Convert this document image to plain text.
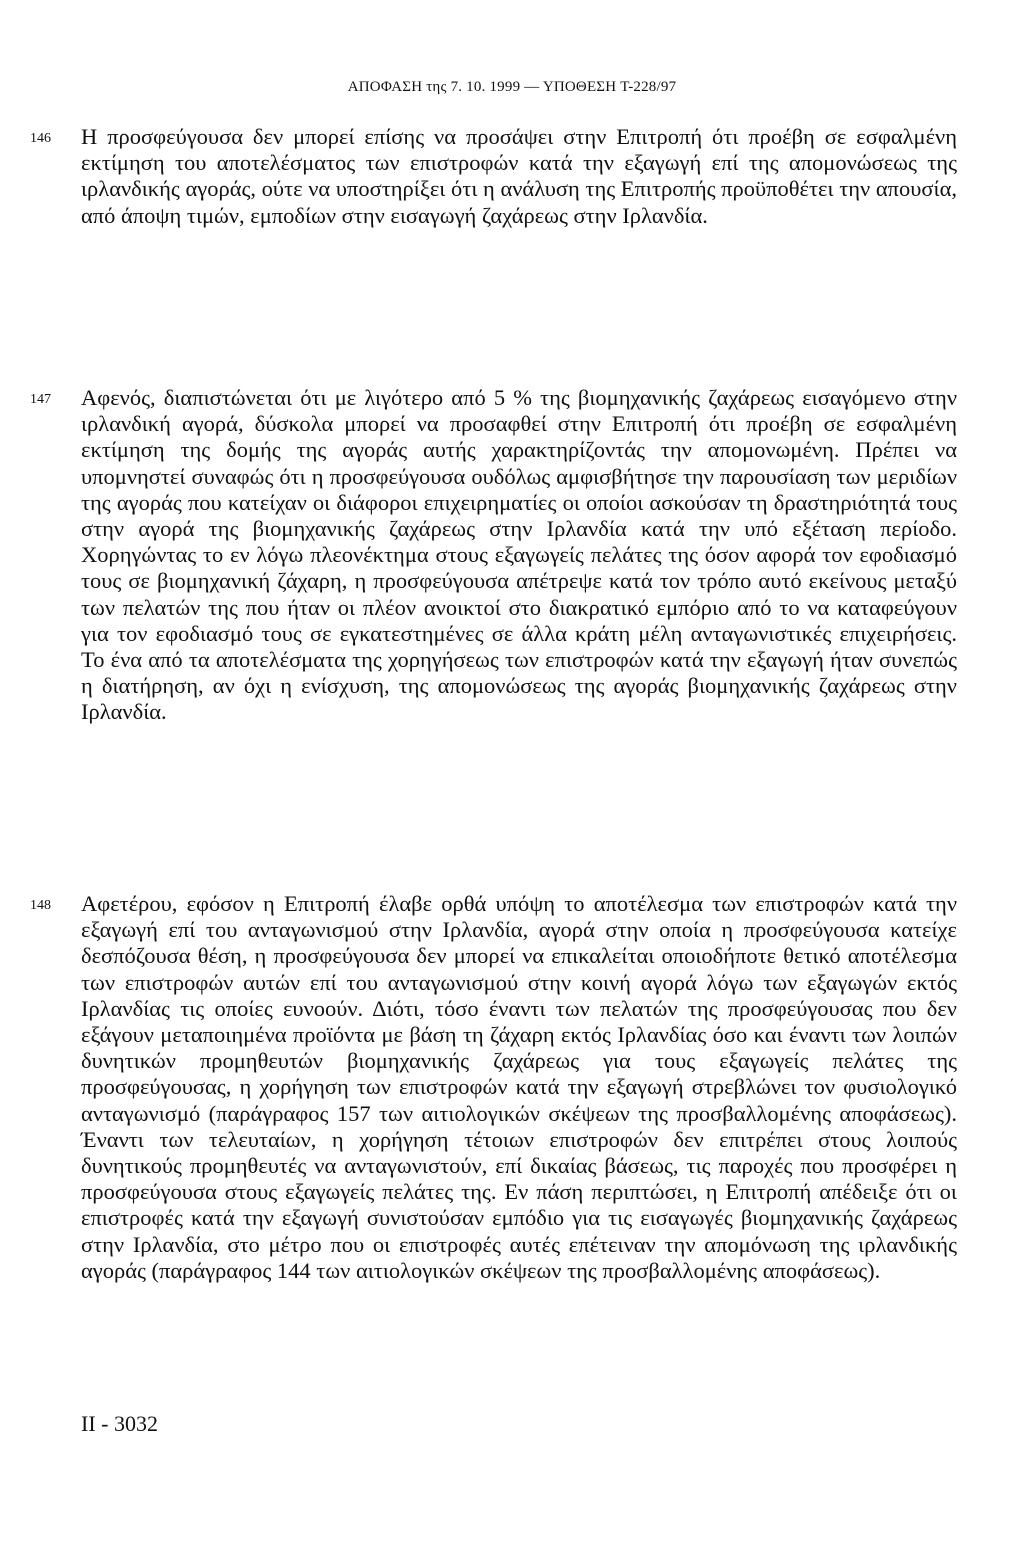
ΑΠΟΦΑΣΗ της 7. 10. 1999 — ΥΠΟΘΕΣΗ T-228/97
146 Η προσφεύγουσα δεν μπορεί επίσης να προσάψει στην Επιτροπή ότι προέβη σε εσφαλμένη εκτίμηση του αποτελέσματος των επιστροφών κατά την εξαγωγή επί της απομονώσεως της ιρλανδικής αγοράς, ούτε να υποστηρίξει ότι η ανάλυση της Επιτροπής προϋποθέτει την απουσία, από άποψη τιμών, εμποδίων στην εισαγωγή ζαχάρεως στην Ιρλανδία.

147 Αφενός, διαπιστώνεται ότι με λιγότερο από 5 % της βιομηχανικής ζαχάρεως εισαγόμενο στην ιρλανδική αγορά, δύσκολα μπορεί να προσαφθεί στην Επιτροπή ότι προέβη σε εσφαλμένη εκτίμηση της δομής της αγοράς αυτής χαρακτηρίζοντάς την απομονωμένη. Πρέπει να υπομνηστεί συναφώς ότι η προσφεύγουσα ουδόλως αμφισβήτησε την παρουσίαση των μεριδίων της αγοράς που κατείχαν οι διάφοροι επιχειρηματίες οι οποίοι ασκούσαν τη δραστηριότητά τους στην αγορά της βιομηχανικής ζαχάρεως στην Ιρλανδία κατά την υπό εξέταση περίοδο. Χορηγώντας το εν λόγω πλεονέκτημα στους εξαγωγείς πελάτες της όσον αφορά τον εφοδιασμό τους σε βιομηχανική ζάχαρη, η προσφεύγουσα απέτρεψε κατά τον τρόπο αυτό εκείνους μεταξύ των πελατών της που ήταν οι πλέον ανοικτοί στο διακρατικό εμπόριο από το να καταφεύγουν για τον εφοδιασμό τους σε εγκατεστημένες σε άλλα κράτη μέλη ανταγωνιστικές επιχειρήσεις. Το ένα από τα αποτελέσματα της χορηγήσεως των επιστροφών κατά την εξαγωγή ήταν συνεπώς η διατήρηση, αν όχι η ενίσχυση, της απομονώσεως της αγοράς βιομηχανικής ζαχάρεως στην Ιρλανδία.

148 Αφετέρου, εφόσον η Επιτροπή έλαβε ορθά υπόψη το αποτέλεσμα των επιστροφών κατά την εξαγωγή επί του ανταγωνισμού στην Ιρλανδία, αγορά στην οποία η προσφεύγουσα κατείχε δεσπόζουσα θέση, η προσφεύγουσα δεν μπορεί να επικαλείται οποιοδήποτε θετικό αποτέλεσμα των επιστροφών αυτών επί του ανταγωνισμού στην κοινή αγορά λόγω των εξαγωγών εκτός Ιρλανδίας τις οποίες ευνοούν. Διότι, τόσο έναντι των πελατών της προσφεύγουσας που δεν εξάγουν μεταποιημένα προϊόντα με βάση τη ζάχαρη εκτός Ιρλανδίας όσο και έναντι των λοιπών δυνητικών προμηθευτών βιομηχανικής ζαχάρεως για τους εξαγωγείς πελάτες της προσφεύγουσας, η χορήγηση των επιστροφών κατά την εξαγωγή στρεβλώνει τον φυσιολογικό ανταγωνισμό (παράγραφος 157 των αιτιολογικών σκέψεων της προσβαλλομένης αποφάσεως). Έναντι των τελευταίων, η χορήγηση τέτοιων επιστροφών δεν επιτρέπει στους λοιπούς δυνητικούς προμηθευτές να ανταγωνιστούν, επί δικαίας βάσεως, τις παροχές που προσφέρει η προσφεύγουσα στους εξαγωγείς πελάτες της. Εν πάση περιπτώσει, η Επιτροπή απέδειξε ότι οι επιστροφές κατά την εξαγωγή συνιστούσαν εμπόδιο για τις εισαγωγές βιομηχανικής ζαχάρεως στην Ιρλανδία, στο μέτρο που οι επιστροφές αυτές επέτειναν την απομόνωση της ιρλανδικής αγοράς (παράγραφος 144 των αιτιολογικών σκέψεων της προσβαλλομένης αποφάσεως).

II - 3032
